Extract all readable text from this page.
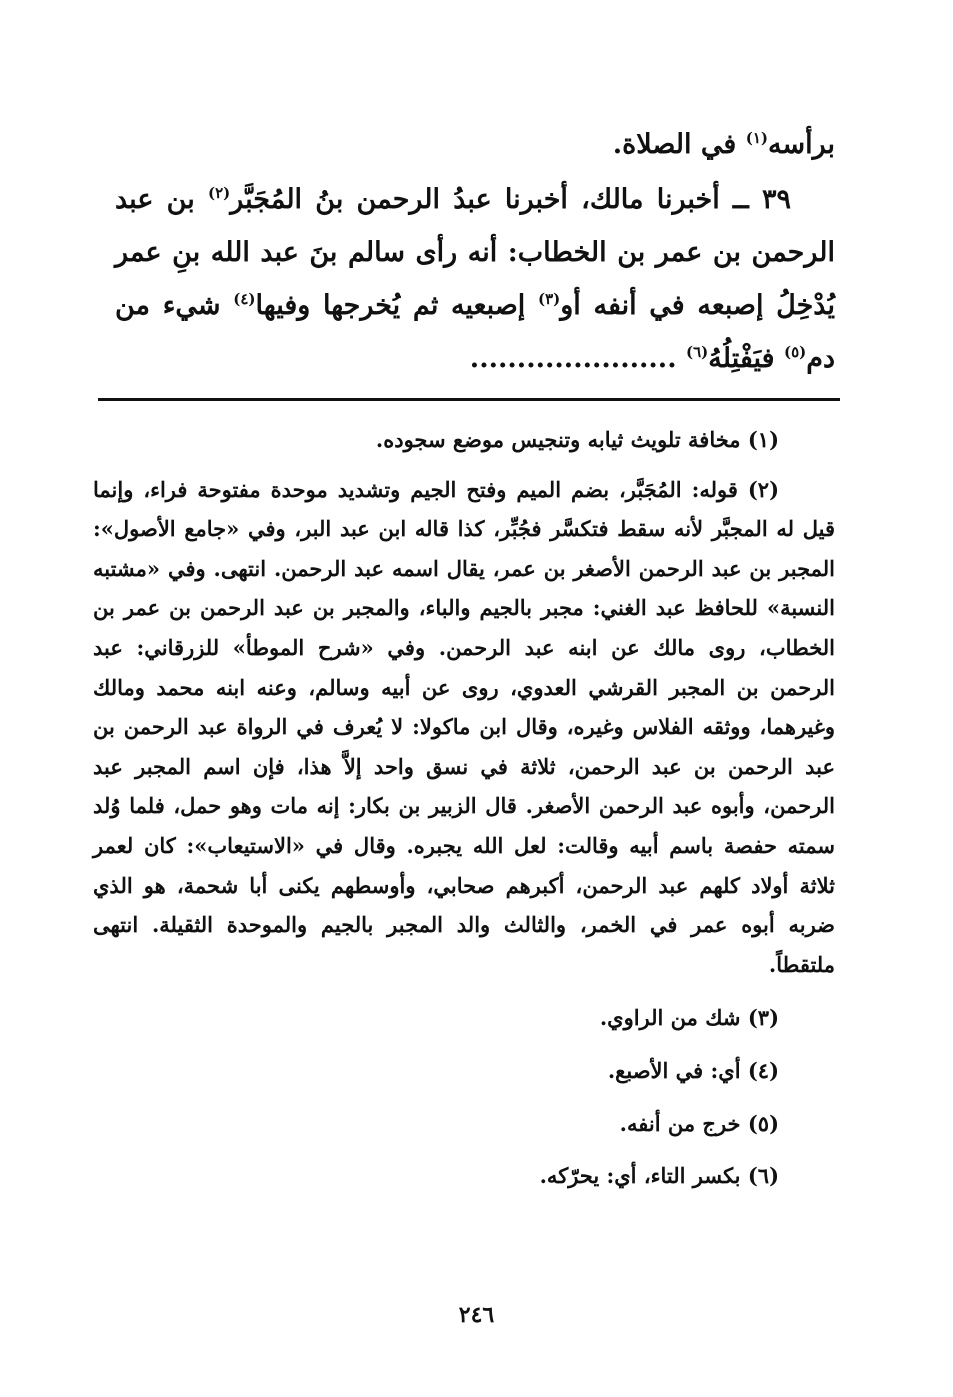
برأسه$^{(١)}$ في الصلاة.

٣٩ ــ أخبرنا مالك، أخبرنا عبدُ الرحمن بنُ المُجَبَّر$^{(٢)}$ بن عبد الرحمن بن عمر بن الخطاب: أنه رأى سالم بنَ عبد الله بنِ عمر يُدْخِلُ إصبعه في أنفه أو$^{(٣)}$ إصبعيه ثم يُخرجها وفيها$^{(٤)}$ شيء من دم$^{(٥)}$ فيَفْتِلُهُ$^{(٦)}$ ......................

(١) مخافة تلويث ثيابه وتنجيس موضع سجوده.

(٢) قوله: المُجَبَّر، بضم الميم وفتح الجيم وتشديد موحدة مفتوحة فراء، وإنما قيل له المجبَّر لأنه سقط فتكسَّر فجُبِّر، كذا قاله ابن عبد البر، وفي «جامع الأصول»: المجبر بن عبد الرحمن الأصغر بن عمر، يقال اسمه عبد الرحمن. انتهى. وفي «مشتبه النسبة» للحافظ عبد الغني: مجبر بالجيم والباء، والمجبر بن عبد الرحمن بن عمر بن الخطاب، روى مالك عن ابنه عبد الرحمن. وفي «شرح الموطأ» للزرقاني: عبد الرحمن بن المجبر القرشي العدوي، روى عن أبيه وسالم، وعنه ابنه محمد ومالك وغيرهما، ووثقه الفلاس وغيره، وقال ابن ماكولا: لا يُعرف في الرواة عبد الرحمن بن عبد الرحمن بن عبد الرحمن، ثلاثة في نسق واحد إلاَّ هذا، فإن اسم المجبر عبد الرحمن، وأبوه عبد الرحمن الأصغر. قال الزبير بن بكار: إنه مات وهو حمل، فلما وُلد سمته حفصة باسم أبيه وقالت: لعل الله يجبره. وقال في «الاستيعاب»: كان لعمر ثلاثة أولاد كلهم عبد الرحمن، أكبرهم صحابي، وأوسطهم يكنى أبا شحمة، هو الذي ضربه أبوه عمر في الخمر، والثالث والد المجبر بالجيم والموحدة الثقيلة. انتهى ملتقطاً.

(٣) شك من الراوي.

(٤) أي: في الأصبع.

(٥) خرج من أنفه.

(٦) بكسر التاء، أي: يحرّكه.

٢٤٦
